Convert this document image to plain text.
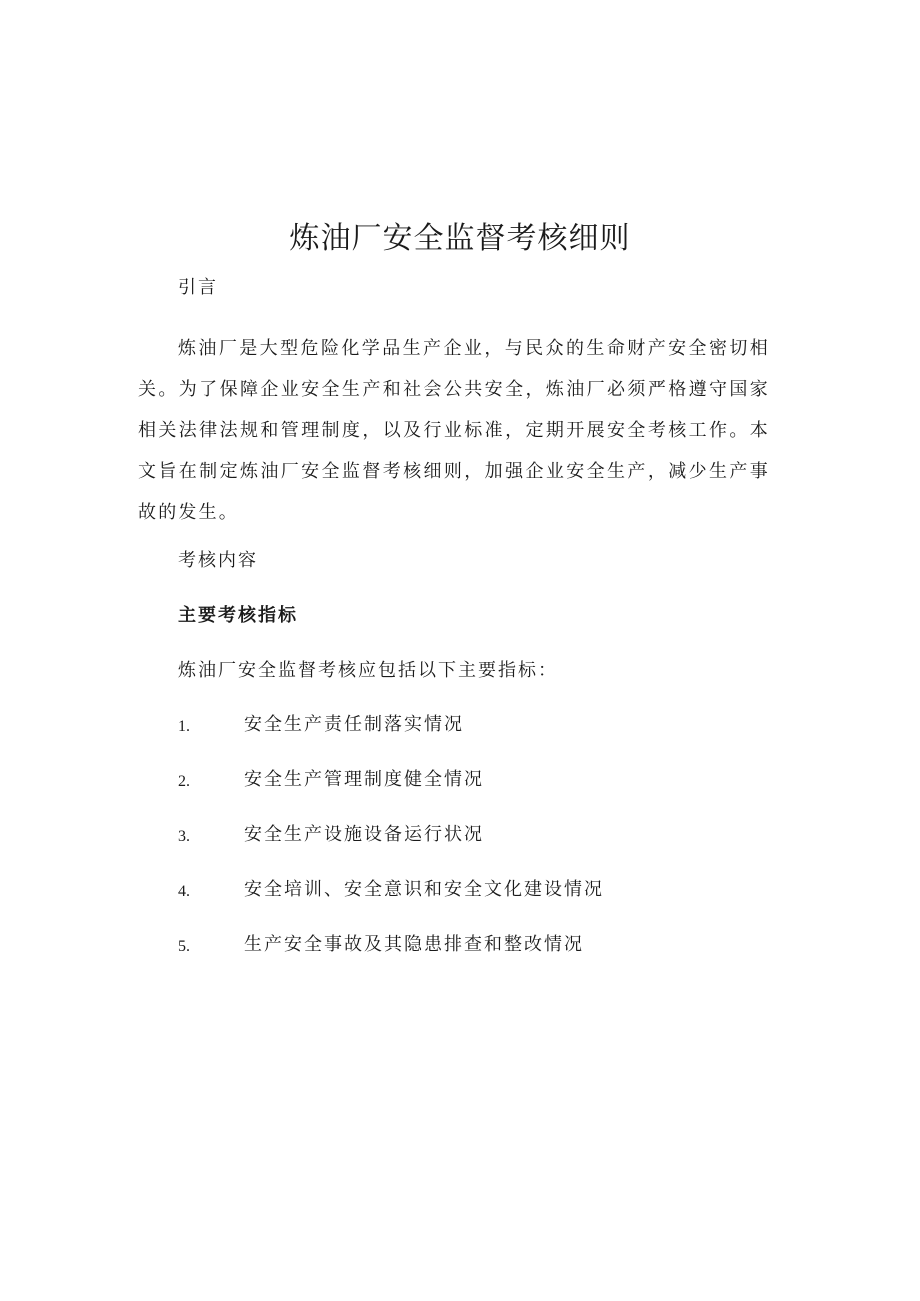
炼油厂安全监督考核细则

引言

炼油厂是大型危险化学品生产企业，与民众的生命财产安全密切相关。为了保障企业安全生产和社会公共安全，炼油厂必须严格遵守国家相关法律法规和管理制度，以及行业标准，定期开展安全考核工作。本文旨在制定炼油厂安全监督考核细则，加强企业安全生产，减少生产事故的发生。

考核内容

主要考核指标

炼油厂安全监督考核应包括以下主要指标：

1.	安全生产责任制落实情况
2.	安全生产管理制度健全情况
3.	安全生产设施设备运行状况
4.	安全培训、安全意识和安全文化建设情况
5.	生产安全事故及其隐患排查和整改情况
